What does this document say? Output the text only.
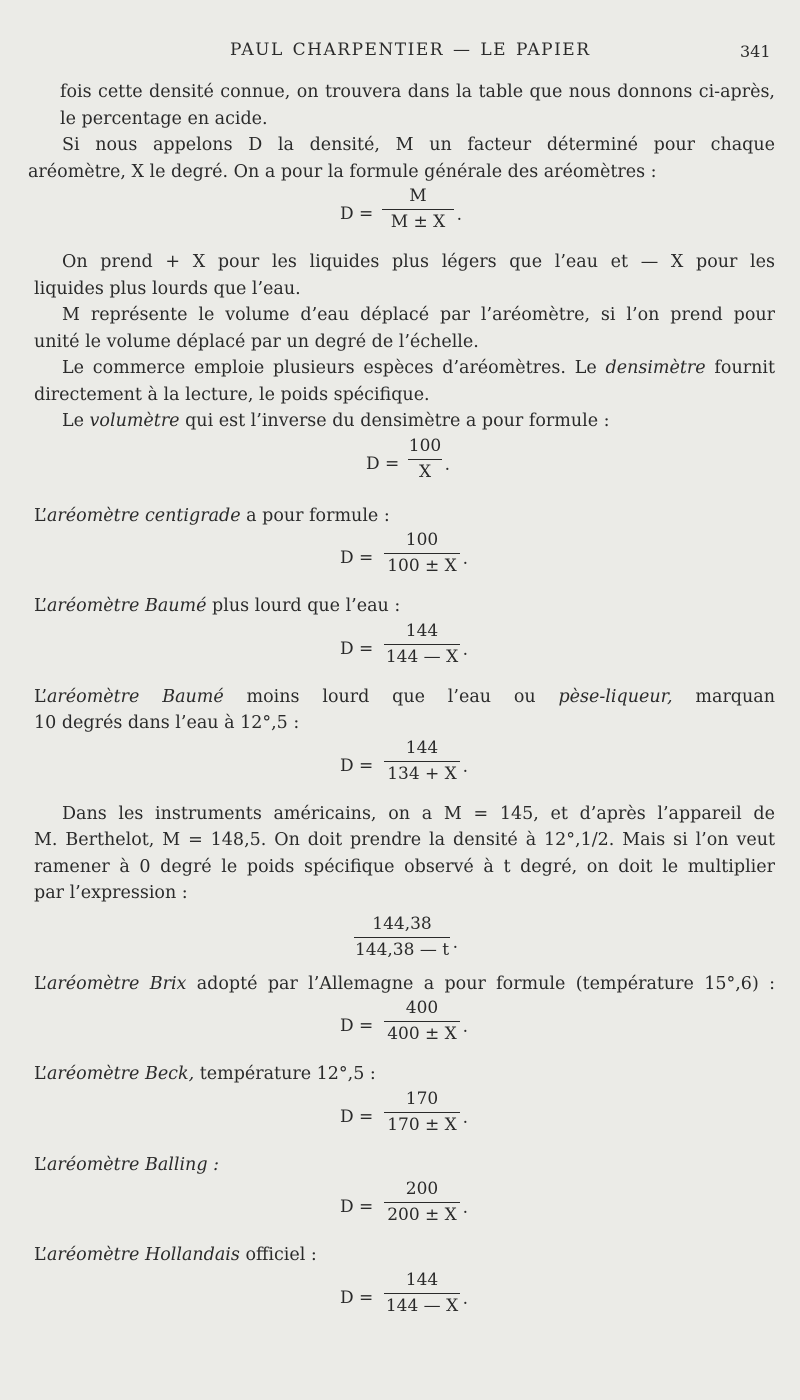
PAUL CHARPENTIER — LE PAPIER	341

fois cette densité connue, on trouvera dans la table que nous donnons ci-après,

le percentage en acide.

Si nous appelons D la densité, M un facteur déterminé pour chaque

aréomètre, X le degré. On a pour la formule générale des aréomètres :

D =
M
M ± X .

On prend + X pour les liquides plus légers que l’eau et — X pour les

liquides plus lourds que l’eau.

M représente le volume d’eau déplacé par l’aréomètre, si l’on prend pour

unité le volume déplacé par un degré de l’échelle.

Le commerce emploie plusieurs espèces d’aréomètres. Le densimètre fournit

directement à la lecture, le poids spécifique.

Le volumètre qui est l’inverse du densimètre a pour formule :

D =
100
X .

L’aréomètre centigrade a pour formule :

D =
100
100 ± X .

L’aréomètre Baumé plus lourd que l’eau :

D =
144
144 — X .

L’aréomètre Baumé moins lourd que l’eau ou pèse-liqueur, marquan

10 degrés dans l’eau à 12°,5 :

D =
144
134 + X .

Dans les instruments américains, on a M = 145, et d’après l’appareil de

M. Berthelot, M = 148,5. On doit prendre la densité à 12°,1/2. Mais si l’on veut

ramener à 0 degré le poids spécifique observé à t degré, on doit le multiplier

par l’expression :

144,38
144,38 — t .

L’aréomètre Brix adopté par l’Allemagne a pour formule (température 15°,6) :

D =
400
400 ± X .

L’aréomètre Beck, température 12°,5 :

D =
170
170 ± X .

L’aréomètre Balling :

D =
200
200 ± X .

L’aréomètre Hollandais officiel :

D =
144
144 — X .
